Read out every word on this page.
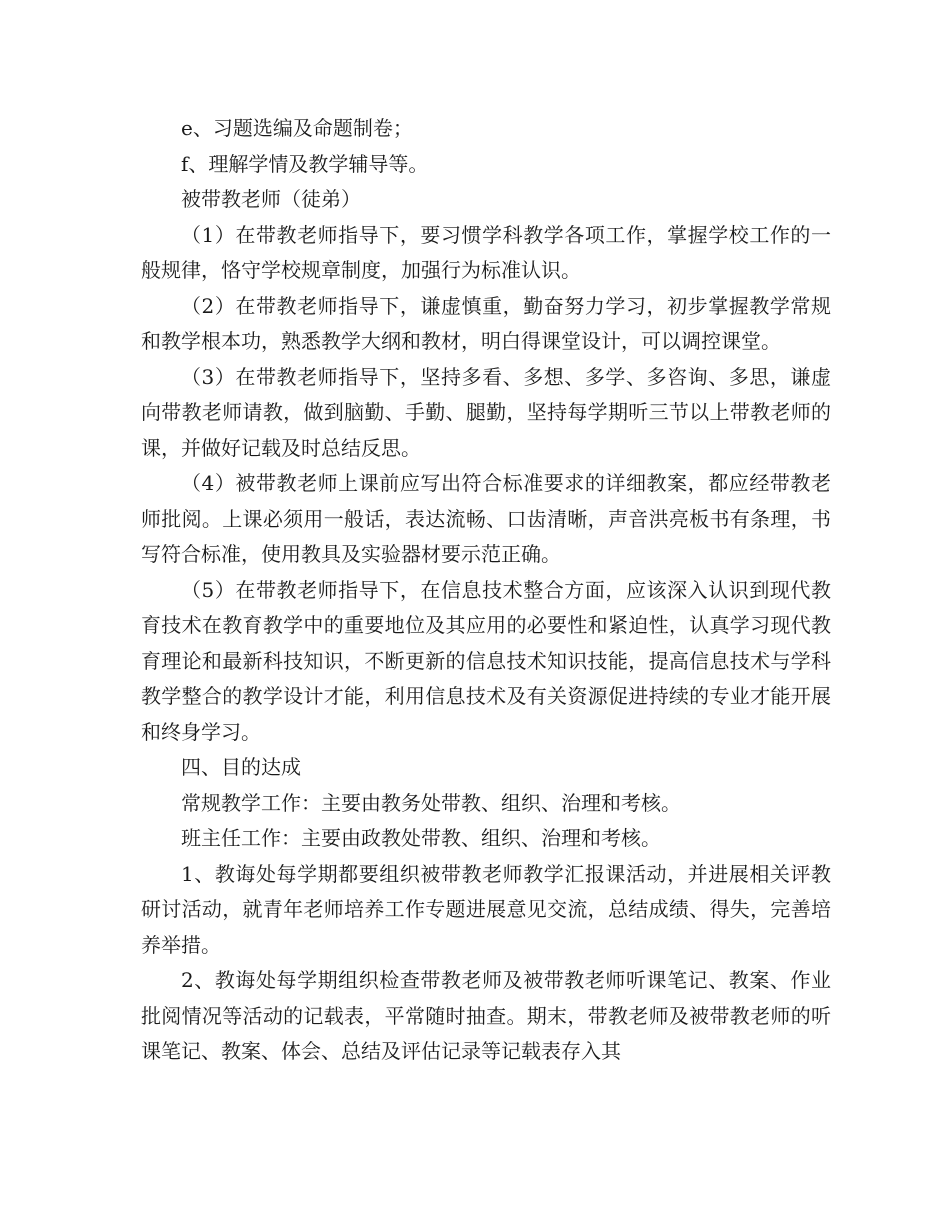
e、习题选编及命题制卷；

f、理解学情及教学辅导等。

被带教老师（徒弟）

（1）在带教老师指导下，要习惯学科教学各项工作，掌握学校工作的一般规律，恪守学校规章制度，加强行为标准认识。

（2）在带教老师指导下，谦虚慎重，勤奋努力学习，初步掌握教学常规和教学根本功，熟悉教学大纲和教材，明白得课堂设计，可以调控课堂。

（3）在带教老师指导下，坚持多看、多想、多学、多咨询、多思，谦虚向带教老师请教，做到脑勤、手勤、腿勤，坚持每学期听三节以上带教老师的课，并做好记载及时总结反思。

（4）被带教老师上课前应写出符合标准要求的详细教案，都应经带教老师批阅。上课必须用一般话，表达流畅、口齿清晰，声音洪亮板书有条理，书写符合标准，使用教具及实验器材要示范正确。

（5）在带教老师指导下，在信息技术整合方面，应该深入认识到现代教育技术在教育教学中的重要地位及其应用的必要性和紧迫性，认真学习现代教育理论和最新科技知识，不断更新的信息技术知识技能，提高信息技术与学科教学整合的教学设计才能，利用信息技术及有关资源促进持续的专业才能开展和终身学习。

四、目的达成

常规教学工作：主要由教务处带教、组织、治理和考核。

班主任工作：主要由政教处带教、组织、治理和考核。

1、教诲处每学期都要组织被带教老师教学汇报课活动，并进展相关评教研讨活动，就青年老师培养工作专题进展意见交流，总结成绩、得失，完善培养举措。

2、教诲处每学期组织检查带教老师及被带教老师听课笔记、教案、作业批阅情况等活动的记载表，平常随时抽查。期末，带教老师及被带教老师的听课笔记、教案、体会、总结及评估记录等记载表存入其
